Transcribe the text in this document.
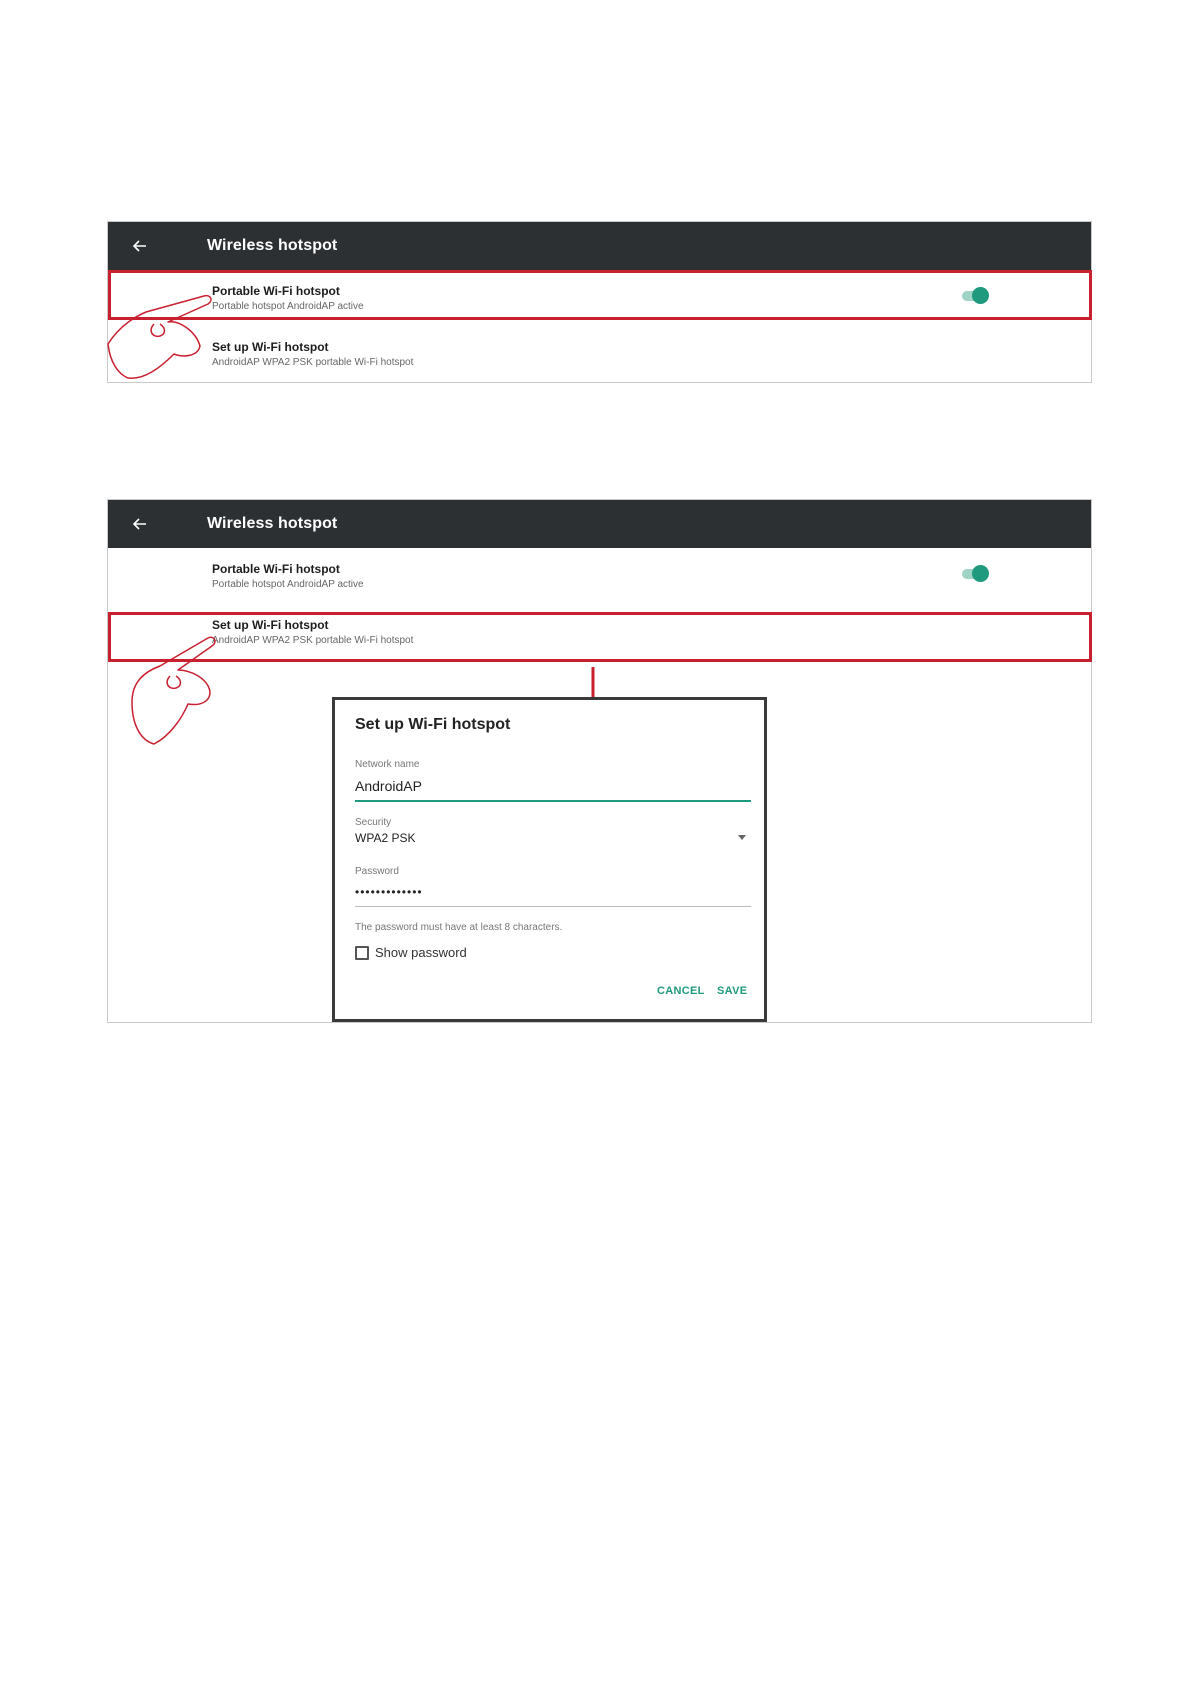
Wireless hotspot
Portable Wi-Fi hotspot
Portable hotspot AndroidAP active
Set up Wi-Fi hotspot
AndroidAP WPA2 PSK portable Wi-Fi hotspot
Wireless hotspot
Portable Wi-Fi hotspot
Portable hotspot AndroidAP active
Set up Wi-Fi hotspot
AndroidAP WPA2 PSK portable Wi-Fi hotspot
Set up Wi-Fi hotspot
Network name
AndroidAP
Security
WPA2 PSK
Password
•••••••••••••
The password must have at least 8 characters.
Show password
CANCEL SAVE
